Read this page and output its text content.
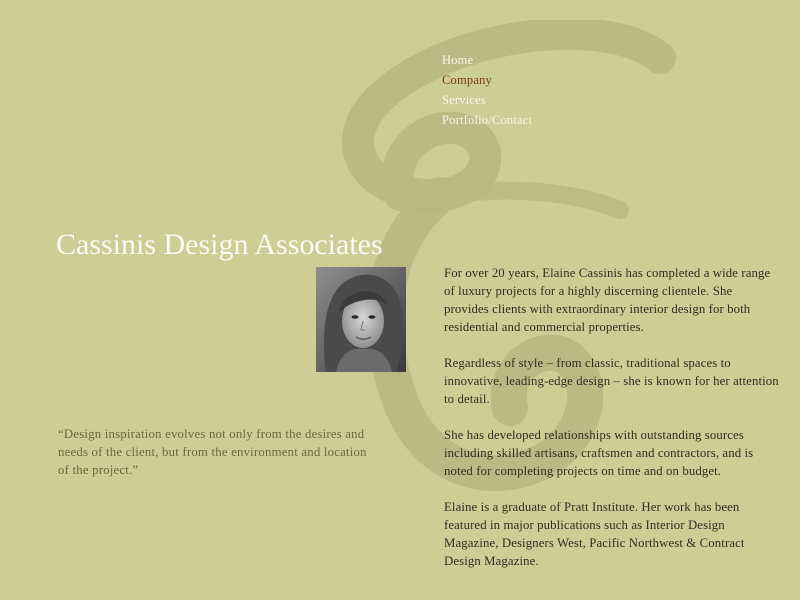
Home
Company
Services
Portfolio/Contact
Cassinis Design Associates

“Design inspiration evolves not only from the desires and needs of the client, but from the environment and location of the project.”

For over 20 years, Elaine Cassinis has completed a wide range of luxury projects for a highly discerning clientele. She provides clients with extraordinary interior design for both residential and commercial properties.

Regardless of style – from classic, traditional spaces to innovative, leading-edge design – she is known for her attention to detail.

She has developed relationships with outstanding sources including skilled artisans, craftsmen and contractors, and is noted for completing projects on time and on budget.

Elaine is a graduate of Pratt Institute. Her work has been featured in major publications such as Interior Design Magazine, Designers West, Pacific Northwest & Contract Design Magazine.
